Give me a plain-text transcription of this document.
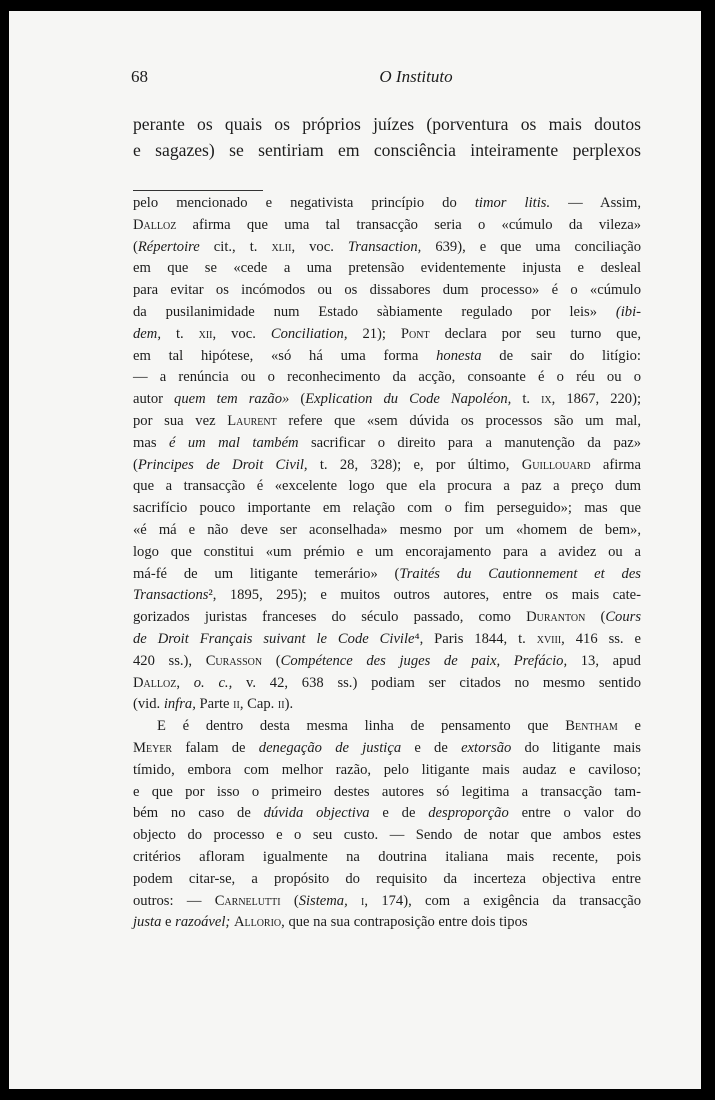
68	O Instituto
perante os quais os próprios juízes (porventura os mais doutos
e sagazes) se sentiriam em consciência inteiramente perplexos
pelo mencionado e negativista princípio do timor litis. — Assim,
Dalloz afirma que uma tal transacção seria o «cúmulo da vileza»
(Répertoire cit., t. xlii, voc. Transaction, 639), e que uma conciliação
em que se «cede a uma pretensão evidentemente injusta e desleal
para evitar os incómodos ou os dissabores dum processo» é o «cúmulo
da pusilanimidade num Estado sàbiamente regulado por leis» (ibi-
dem, t. xii, voc. Conciliation, 21); Pont declara por seu turno que,
em tal hipótese, «só há uma forma honesta de sair do litígio:
— a renúncia ou o reconhecimento da acção, consoante é o réu ou o
autor quem tem razão» (Explication du Code Napoléon, t. ix, 1867, 220);
por sua vez Laurent refere que «sem dúvida os processos são um mal,
mas é um mal também sacrificar o direito para a manutenção da paz»
(Principes de Droit Civil, t. 28, 328); e, por último, Guillouard afirma
que a transacção é «excelente logo que ela procura a paz a preço dum
sacrifício pouco importante em relação com o fim perseguido»; mas que
«é má e não deve ser aconselhada» mesmo por um «homem de bem»,
logo que constitui «um prémio e um encorajamento para a avidez ou a
má-fé de um litigante temerário» (Traités du Cautionnement et des
Transactions², 1895, 295); e muitos outros autores, entre os mais cate-
gorizados juristas franceses do século passado, como Duranton (Cours
de Droit Français suivant le Code Civile⁴, Paris 1844, t. xviii, 416 ss. e
420 ss.), Curasson (Compétence des juges de paix, Prefácio, 13, apud
Dalloz, o. c., v. 42, 638 ss.) podiam ser citados no mesmo sentido
(vid. infra, Parte ii, Cap. ii).
E é dentro desta mesma linha de pensamento que Bentham e
Meyer falam de denegação de justiça e de extorsão do litigante mais
tímido, embora com melhor razão, pelo litigante mais audaz e caviloso;
e que por isso o primeiro destes autores só legitima a transacção tam-
bém no caso de dúvida objectiva e de desproporção entre o valor do
objecto do processo e o seu custo. — Sendo de notar que ambos estes
critérios afloram igualmente na doutrina italiana mais recente, pois
podem citar-se, a propósito do requisito da incerteza objectiva entre
outros: — Carnelutti (Sistema, i, 174), com a exigência da transacção
justa e razoável; Allorio, que na sua contraposição entre dois tipos
